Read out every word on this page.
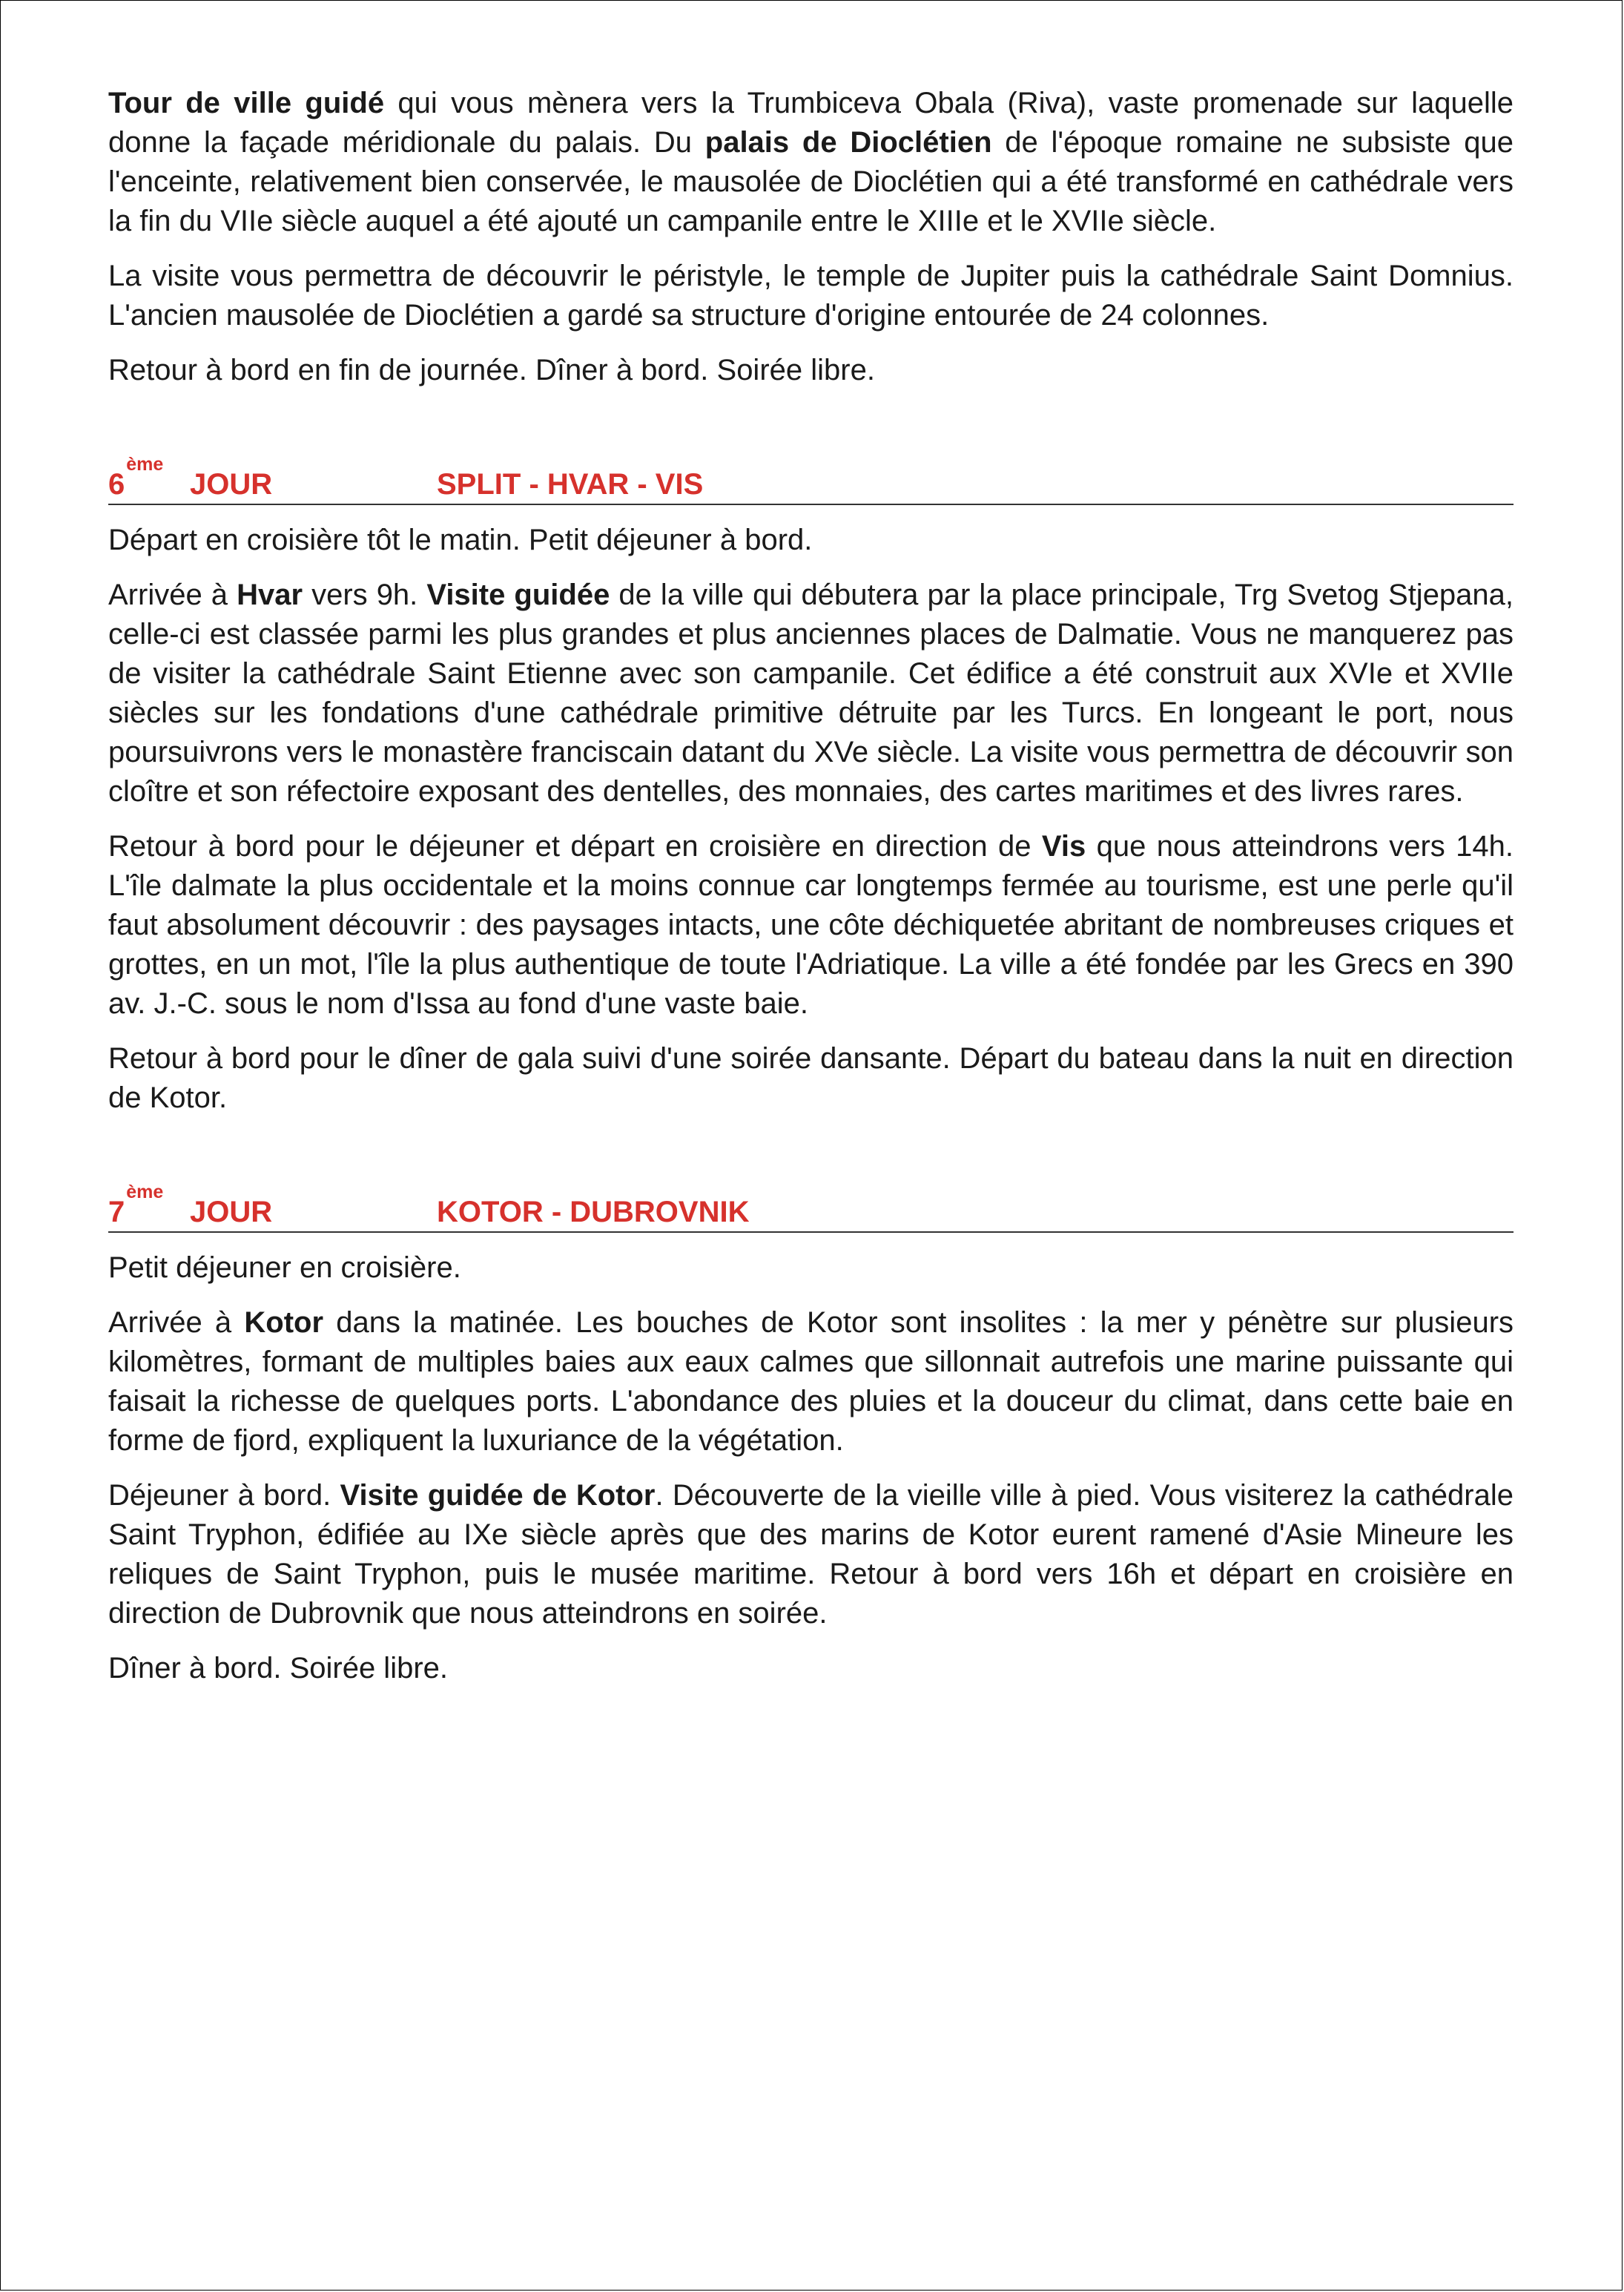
Tour de ville guidé qui vous mènera vers la Trumbiceva Obala (Riva), vaste promenade sur laquelle donne la façade méridionale du palais. Du palais de Dioclétien de l'époque romaine ne subsiste que l'enceinte, relativement bien conservée, le mausolée de Dioclétien qui a été transformé en cathédrale vers la fin du VIIe siècle auquel a été ajouté un campanile entre le XIIIe et le XVIIe siècle.

La visite vous permettra de découvrir le péristyle, le temple de Jupiter puis la cathédrale Saint Domnius. L'ancien mausolée de Dioclétien a gardé sa structure d'origine entourée de 24 colonnes.

Retour à bord en fin de journée. Dîner à bord. Soirée libre.

6ème
JOUR	SPLIT - HVAR - VIS

Départ en croisière tôt le matin. Petit déjeuner à bord.

Arrivée à Hvar vers 9h. Visite guidée de la ville qui débutera par la place principale, Trg Svetog Stjepana, celle-ci est classée parmi les plus grandes et plus anciennes places de Dalmatie. Vous ne manquerez pas de visiter la cathédrale Saint Etienne avec son campanile. Cet édifice a été construit aux XVIe et XVIIe siècles sur les fondations d'une cathédrale primitive détruite par les Turcs. En longeant le port, nous poursuivrons vers le monastère franciscain datant du XVe siècle. La visite vous permettra de découvrir son cloître et son réfectoire exposant des dentelles, des monnaies, des cartes maritimes et des livres rares.

Retour à bord pour le déjeuner et départ en croisière en direction de Vis que nous atteindrons vers 14h. L'île dalmate la plus occidentale et la moins connue car longtemps fermée au tourisme, est une perle qu'il faut absolument découvrir : des paysages intacts, une côte déchiquetée abritant de nombreuses criques et grottes, en un mot, l'île la plus authentique de toute l'Adriatique. La ville a été fondée par les Grecs en 390 av. J.-C. sous le nom d'Issa au fond d'une vaste baie.

Retour à bord pour le dîner de gala suivi d'une soirée dansante. Départ du bateau dans la nuit en direction de Kotor.

7ème
JOUR	KOTOR - DUBROVNIK

Petit déjeuner en croisière.

Arrivée à Kotor dans la matinée. Les bouches de Kotor sont insolites : la mer y pénètre sur plusieurs kilomètres, formant de multiples baies aux eaux calmes que sillonnait autrefois une marine puissante qui faisait la richesse de quelques ports. L'abondance des pluies et la douceur du climat, dans cette baie en forme de fjord, expliquent la luxuriance de la végétation.

Déjeuner à bord. Visite guidée de Kotor. Découverte de la vieille ville à pied. Vous visiterez la cathédrale Saint Tryphon, édifiée au IXe siècle après que des marins de Kotor eurent ramené d'Asie Mineure les reliques de Saint Tryphon, puis le musée maritime. Retour à bord vers 16h et départ en croisière en direction de Dubrovnik que nous atteindrons en soirée.

Dîner à bord. Soirée libre.
